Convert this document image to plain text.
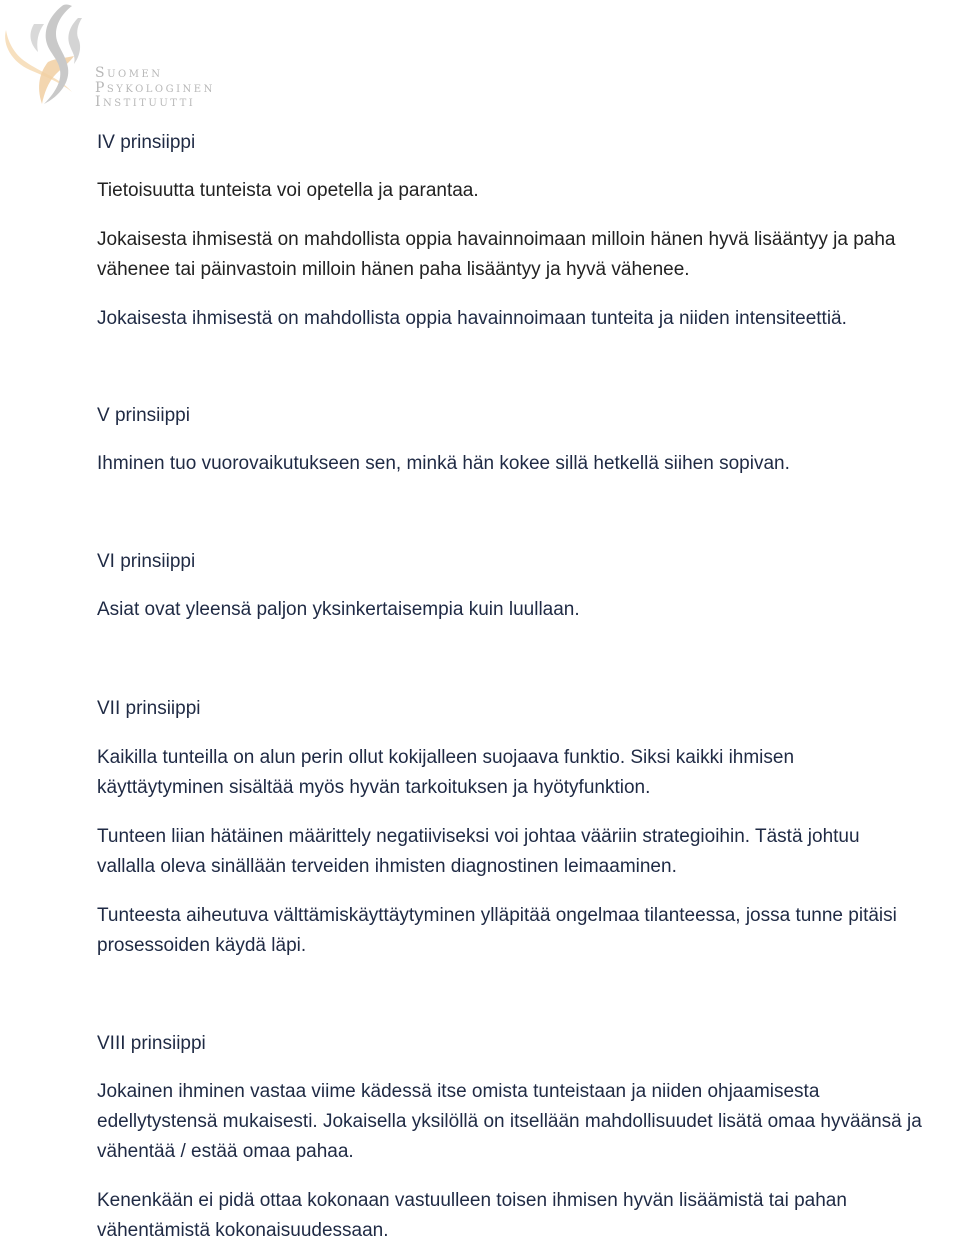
Suomen
Psykologinen
Instituutti

IV prinsiippi

Tietoisuutta tunteista voi opetella ja parantaa.
Jokaisesta ihmisestä on mahdollista oppia havainnoimaan milloin hänen hyvä lisääntyy ja paha
vähenee tai päinvastoin milloin hänen paha lisääntyy ja hyvä vähenee.
Jokaisesta ihmisestä on mahdollista oppia havainnoimaan tunteita ja niiden intensiteettiä.

V prinsiippi

Ihminen tuo vuorovaikutukseen sen, minkä hän kokee sillä hetkellä siihen sopivan.

VI prinsiippi

Asiat ovat yleensä paljon yksinkertaisempia kuin luullaan.

VII prinsiippi

Kaikilla tunteilla on alun perin ollut kokijalleen suojaava funktio. Siksi kaikki ihmisen
käyttäytyminen sisältää myös hyvän tarkoituksen ja hyötyfunktion.
Tunteen liian hätäinen määrittely negatiiviseksi voi johtaa vääriin strategioihin. Tästä johtuu
vallalla oleva sinällään terveiden ihmisten diagnostinen leimaaminen.
Tunteesta aiheutuva välttämiskäyttäytyminen ylläpitää ongelmaa tilanteessa, jossa tunne pitäisi
prosessoiden käydä läpi.

VIII prinsiippi

Jokainen ihminen vastaa viime kädessä itse omista tunteistaan ja niiden ohjaamisesta
edellytystensä mukaisesti. Jokaisella yksilöllä on itsellään mahdollisuudet lisätä omaa hyväänsä ja
vähentää / estää omaa pahaa.
Kenenkään ei pidä ottaa kokonaan vastuulleen toisen ihmisen hyvän lisäämistä tai pahan
vähentämistä kokonaisuudessaan.
